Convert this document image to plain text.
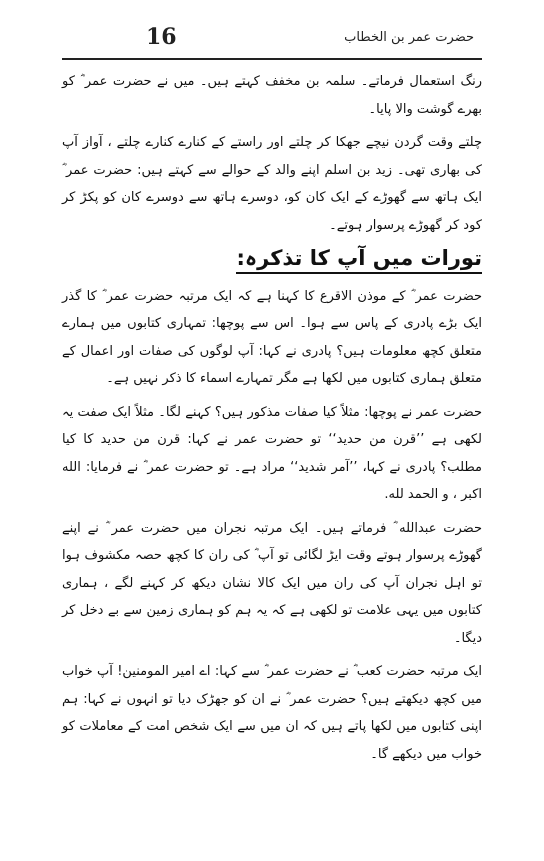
حضرت عمر بن الخطاب
16

رنگ استعمال فرماتے۔ سلمہ بن مخفف کہتے ہیں۔ میں نے حضرت عمر ؓ کو بھرے گوشت والا پایا۔

چلتے وقت گردن نیچے جھکا کر چلتے اور راستے کے کنارے کنارے چلتے ، آواز آپ کی بھاری تھی۔ زید بن اسلم اپنے والد کے حوالے سے کہتے ہیں: حضرت عمر ؓ ایک ہاتھ سے گھوڑے کے ایک کان کو، دوسرے ہاتھ سے دوسرے کان کو پکڑ کر کود کر گھوڑے پرسوار ہوتے۔

تورات میں آپ کا تذکرہ:

حضرت عمر ؓ کے موذن الاقرع کا کہنا ہے کہ ایک مرتبہ حضرت عمر ؓ کا گذر ایک بڑے پادری کے پاس سے ہوا۔ اس سے پوچھا: تمہاری کتابوں میں ہمارے متعلق کچھ معلومات ہیں؟ پادری نے کہا: آپ لوگوں کی صفات اور اعمال کے متعلق ہماری کتابوں میں لکھا ہے مگر تمہارے اسماء کا ذکر نہیں ہے۔

حضرت عمر نے پوچھا: مثلاً کیا صفات مذکور ہیں؟ کہنے لگا۔ مثلاً ایک صفت یہ لکھی ہے ’’قرن من حدید‘‘ تو حضرت عمر نے کہا: قرن من حدید کا کیا مطلب؟ پادری نے کہا، ’’آمر شدید‘‘ مراد ہے۔ تو حضرت عمر ؓ نے فرمایا: الله اکبر ، و الحمد لله.

حضرت عبدالله ؓ فرماتے ہیں۔ ایک مرتبہ نجران میں حضرت عمر ؓ نے اپنے گھوڑے پرسوار ہوتے وقت ایڑ لگائی تو آپ ؓ کی ران کا کچھ حصہ مکشوف ہوا تو اہل نجران آپ کی ران میں ایک کالا نشان دیکھ کر کہنے لگے ، ہماری کتابوں میں یہی علامت تو لکھی ہے کہ یہ ہم کو ہماری زمین سے بے دخل کر دیگا۔

ایک مرتبہ حضرت کعب ؓ نے حضرت عمر ؓ سے کہا: اے امیر المومنین! آپ خواب میں کچھ دیکھتے ہیں؟ حضرت عمر ؓ نے ان کو جھڑک دیا تو انہوں نے کہا: ہم اپنی کتابوں میں لکھا پاتے ہیں کہ ان میں سے ایک شخص امت کے معاملات کو خواب میں دیکھے گا۔
